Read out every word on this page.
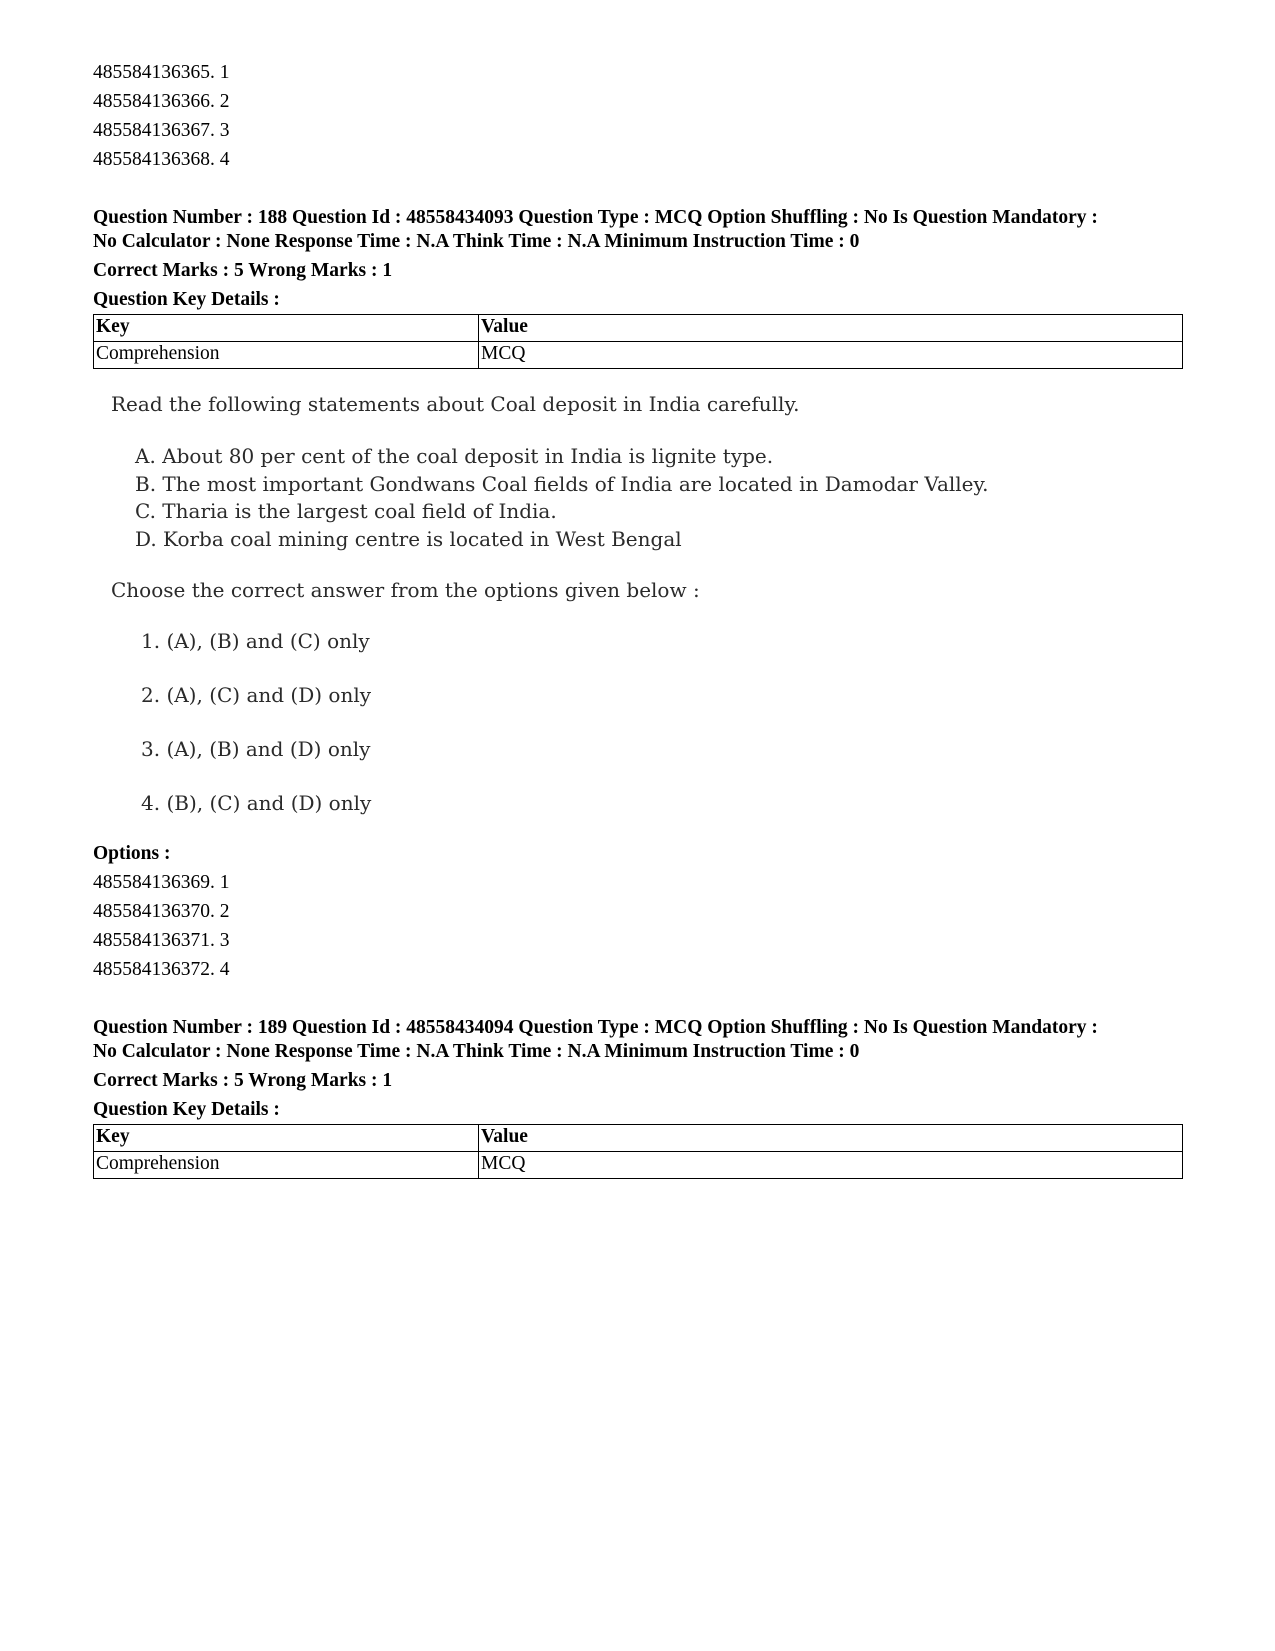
485584136365. 1
485584136366. 2
485584136367. 3
485584136368. 4
Question Number : 188 Question Id : 48558434093 Question Type : MCQ Option Shuffling : No Is Question Mandatory :
No Calculator : None Response Time : N.A Think Time : N.A Minimum Instruction Time : 0
Correct Marks : 5 Wrong Marks : 1
Question Key Details :
Key	Value
Comprehension	MCQ
Read the following statements about Coal deposit in India carefully.
A. About 80 per cent of the coal deposit in India is lignite type.
B. The most important Gondwans Coal fields of India are located in Damodar Valley.
C. Tharia is the largest coal field of India.
D. Korba coal mining centre is located in West Bengal
Choose the correct answer from the options given below :
1. (A), (B) and (C) only
2. (A), (C) and (D) only
3. (A), (B) and (D) only
4. (B), (C) and (D) only
Options :
485584136369. 1
485584136370. 2
485584136371. 3
485584136372. 4
Question Number : 189 Question Id : 48558434094 Question Type : MCQ Option Shuffling : No Is Question Mandatory :
No Calculator : None Response Time : N.A Think Time : N.A Minimum Instruction Time : 0
Correct Marks : 5 Wrong Marks : 1
Question Key Details :
Key	Value
Comprehension	MCQ
